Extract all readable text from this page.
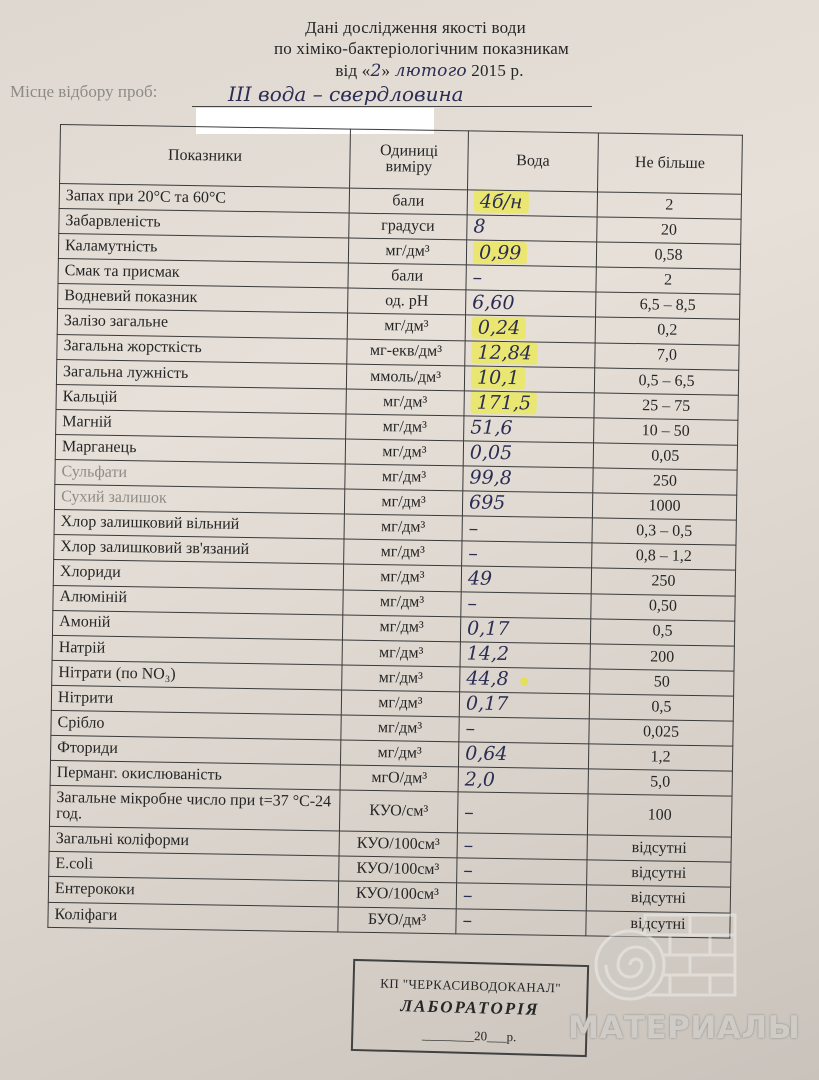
Дані дослідження якості води
по хіміко-бактеріологічним показникам
від «2» лютого 2015 р.
Місце відбору проб:	ІІІ вода – свердловина
Показники	Одиниці виміру	Вода	Не більше
Запах при 20°С та 60°С	бали	4б/н	2
Забарвленість	градуси	8	20
Каламутність	мг/дм³	0,99	0,58
Смак та присмак	бали	–	2
Водневий показник	од. pH	6,60	6,5 – 8,5
Залізо загальне	мг/дм³	0,24	0,2
Загальна жорсткість	мг-екв/дм³	12,84	7,0
Загальна лужність	ммоль/дм³	10,1	0,5 – 6,5
Кальцій	мг/дм³	171,5	25 – 75
Магній	мг/дм³	51,6	10 – 50
Марганець	мг/дм³	0,05	0,05
Сульфати	мг/дм³	99,8	250
Сухий залишок	мг/дм³	695	1000
Хлор залишковий вільний	мг/дм³	–	0,3 – 0,5
Хлор залишковий зв'язаний	мг/дм³	–	0,8 – 1,2
Хлориди	мг/дм³	49	250
Алюміній	мг/дм³	–	0,50
Амоній	мг/дм³	0,17	0,5
Натрій	мг/дм³	14,2	200
Нітрати (по NO₃)	мг/дм³	44,8	50
Нітрити	мг/дм³	0,17	0,5
Срібло	мг/дм³	–	0,025
Фториди	мг/дм³	0,64	1,2
Перманг. окислюваність	мгО/дм³	2,0	5,0
Загальне мікробне число при t=37 °С-24 год.	КУО/см³	–	100
Загальні коліформи	КУО/100см³	–	відсутні
E.coli	КУО/100см³	–	відсутні
Ентерококи	КУО/100см³	–	відсутні
Коліфаги	БУО/дм³	–	відсутні
КП "ЧЕРКАСИВОДОКАНАЛ"
ЛАБОРАТОРІЯ
________20___р.	МАТЕРИАЛЫ
